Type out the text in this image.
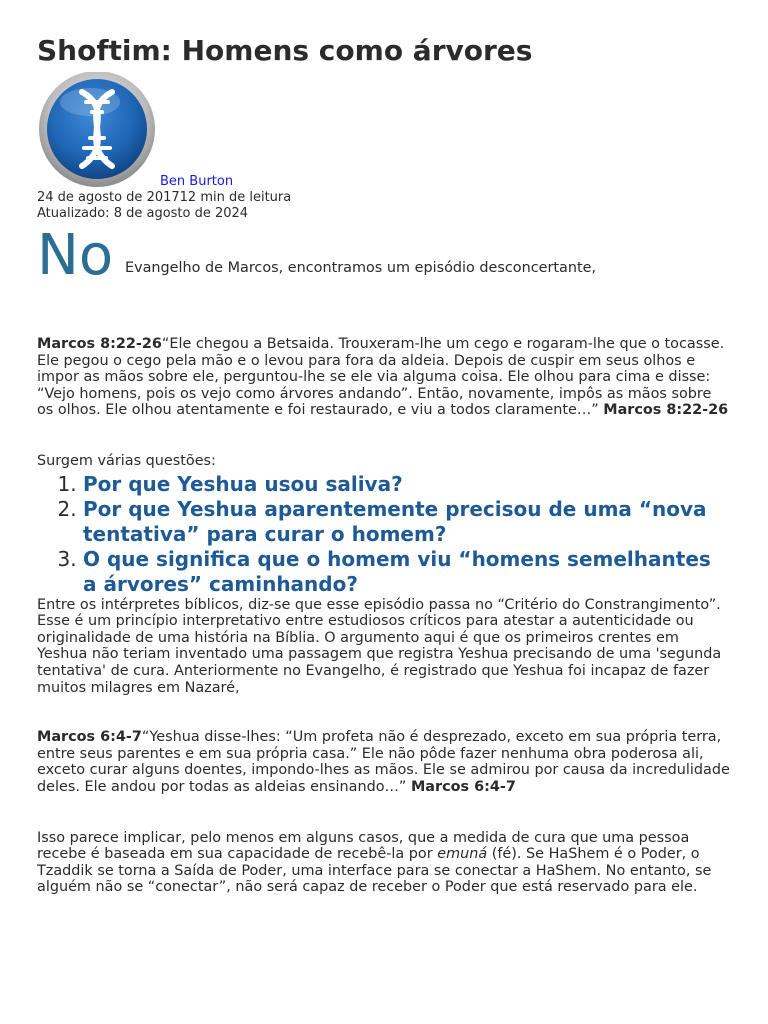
Shoftim: Homens como árvores
Ben Burton
24 de agosto de 201712 min de leitura
Atualizado: 8 de agosto de 2024
No Evangelho de Marcos, encontramos um episódio desconcertante,

Marcos 8:22-26“Ele chegou a Betsaida. Trouxeram-lhe um cego e rogaram-lhe que o tocasse. Ele pegou o cego pela mão e o levou para fora da aldeia. Depois de cuspir em seus olhos e impor as mãos sobre ele, perguntou-lhe se ele via alguma coisa. Ele olhou para cima e disse: “Vejo homens, pois os vejo como árvores andando”. Então, novamente, impôs as mãos sobre os olhos. Ele olhou atentamente e foi restaurado, e viu a todos claramente…” Marcos 8:22-26

Surgem várias questões:

1. Por que Yeshua usou saliva?
2. Por que Yeshua aparentemente precisou de uma “nova tentativa” para curar o homem?
3. O que significa que o homem viu “homens semelhantes a árvores” caminhando?

Entre os intérpretes bíblicos, diz-se que esse episódio passa no “Critério do Constrangimento”. Esse é um princípio interpretativo entre estudiosos críticos para atestar a autenticidade ou originalidade de uma história na Bíblia. O argumento aqui é que os primeiros crentes em Yeshua não teriam inventado uma passagem que registra Yeshua precisando de uma 'segunda tentativa' de cura. Anteriormente no Evangelho, é registrado que Yeshua foi incapaz de fazer muitos milagres em Nazaré,

Marcos 6:4-7“Yeshua disse-lhes: “Um profeta não é desprezado, exceto em sua própria terra, entre seus parentes e em sua própria casa.” Ele não pôde fazer nenhuma obra poderosa ali, exceto curar alguns doentes, impondo-lhes as mãos. Ele se admirou por causa da incredulidade deles. Ele andou por todas as aldeias ensinando…” Marcos 6:4-7

Isso parece implicar, pelo menos em alguns casos, que a medida de cura que uma pessoa recebe é baseada em sua capacidade de recebê-la por emuná (fé). Se HaShem é o Poder, o Tzaddik se torna a Saída de Poder, uma interface para se conectar a HaShem. No entanto, se alguém não se “conectar”, não será capaz de receber o Poder que está reservado para ele.
